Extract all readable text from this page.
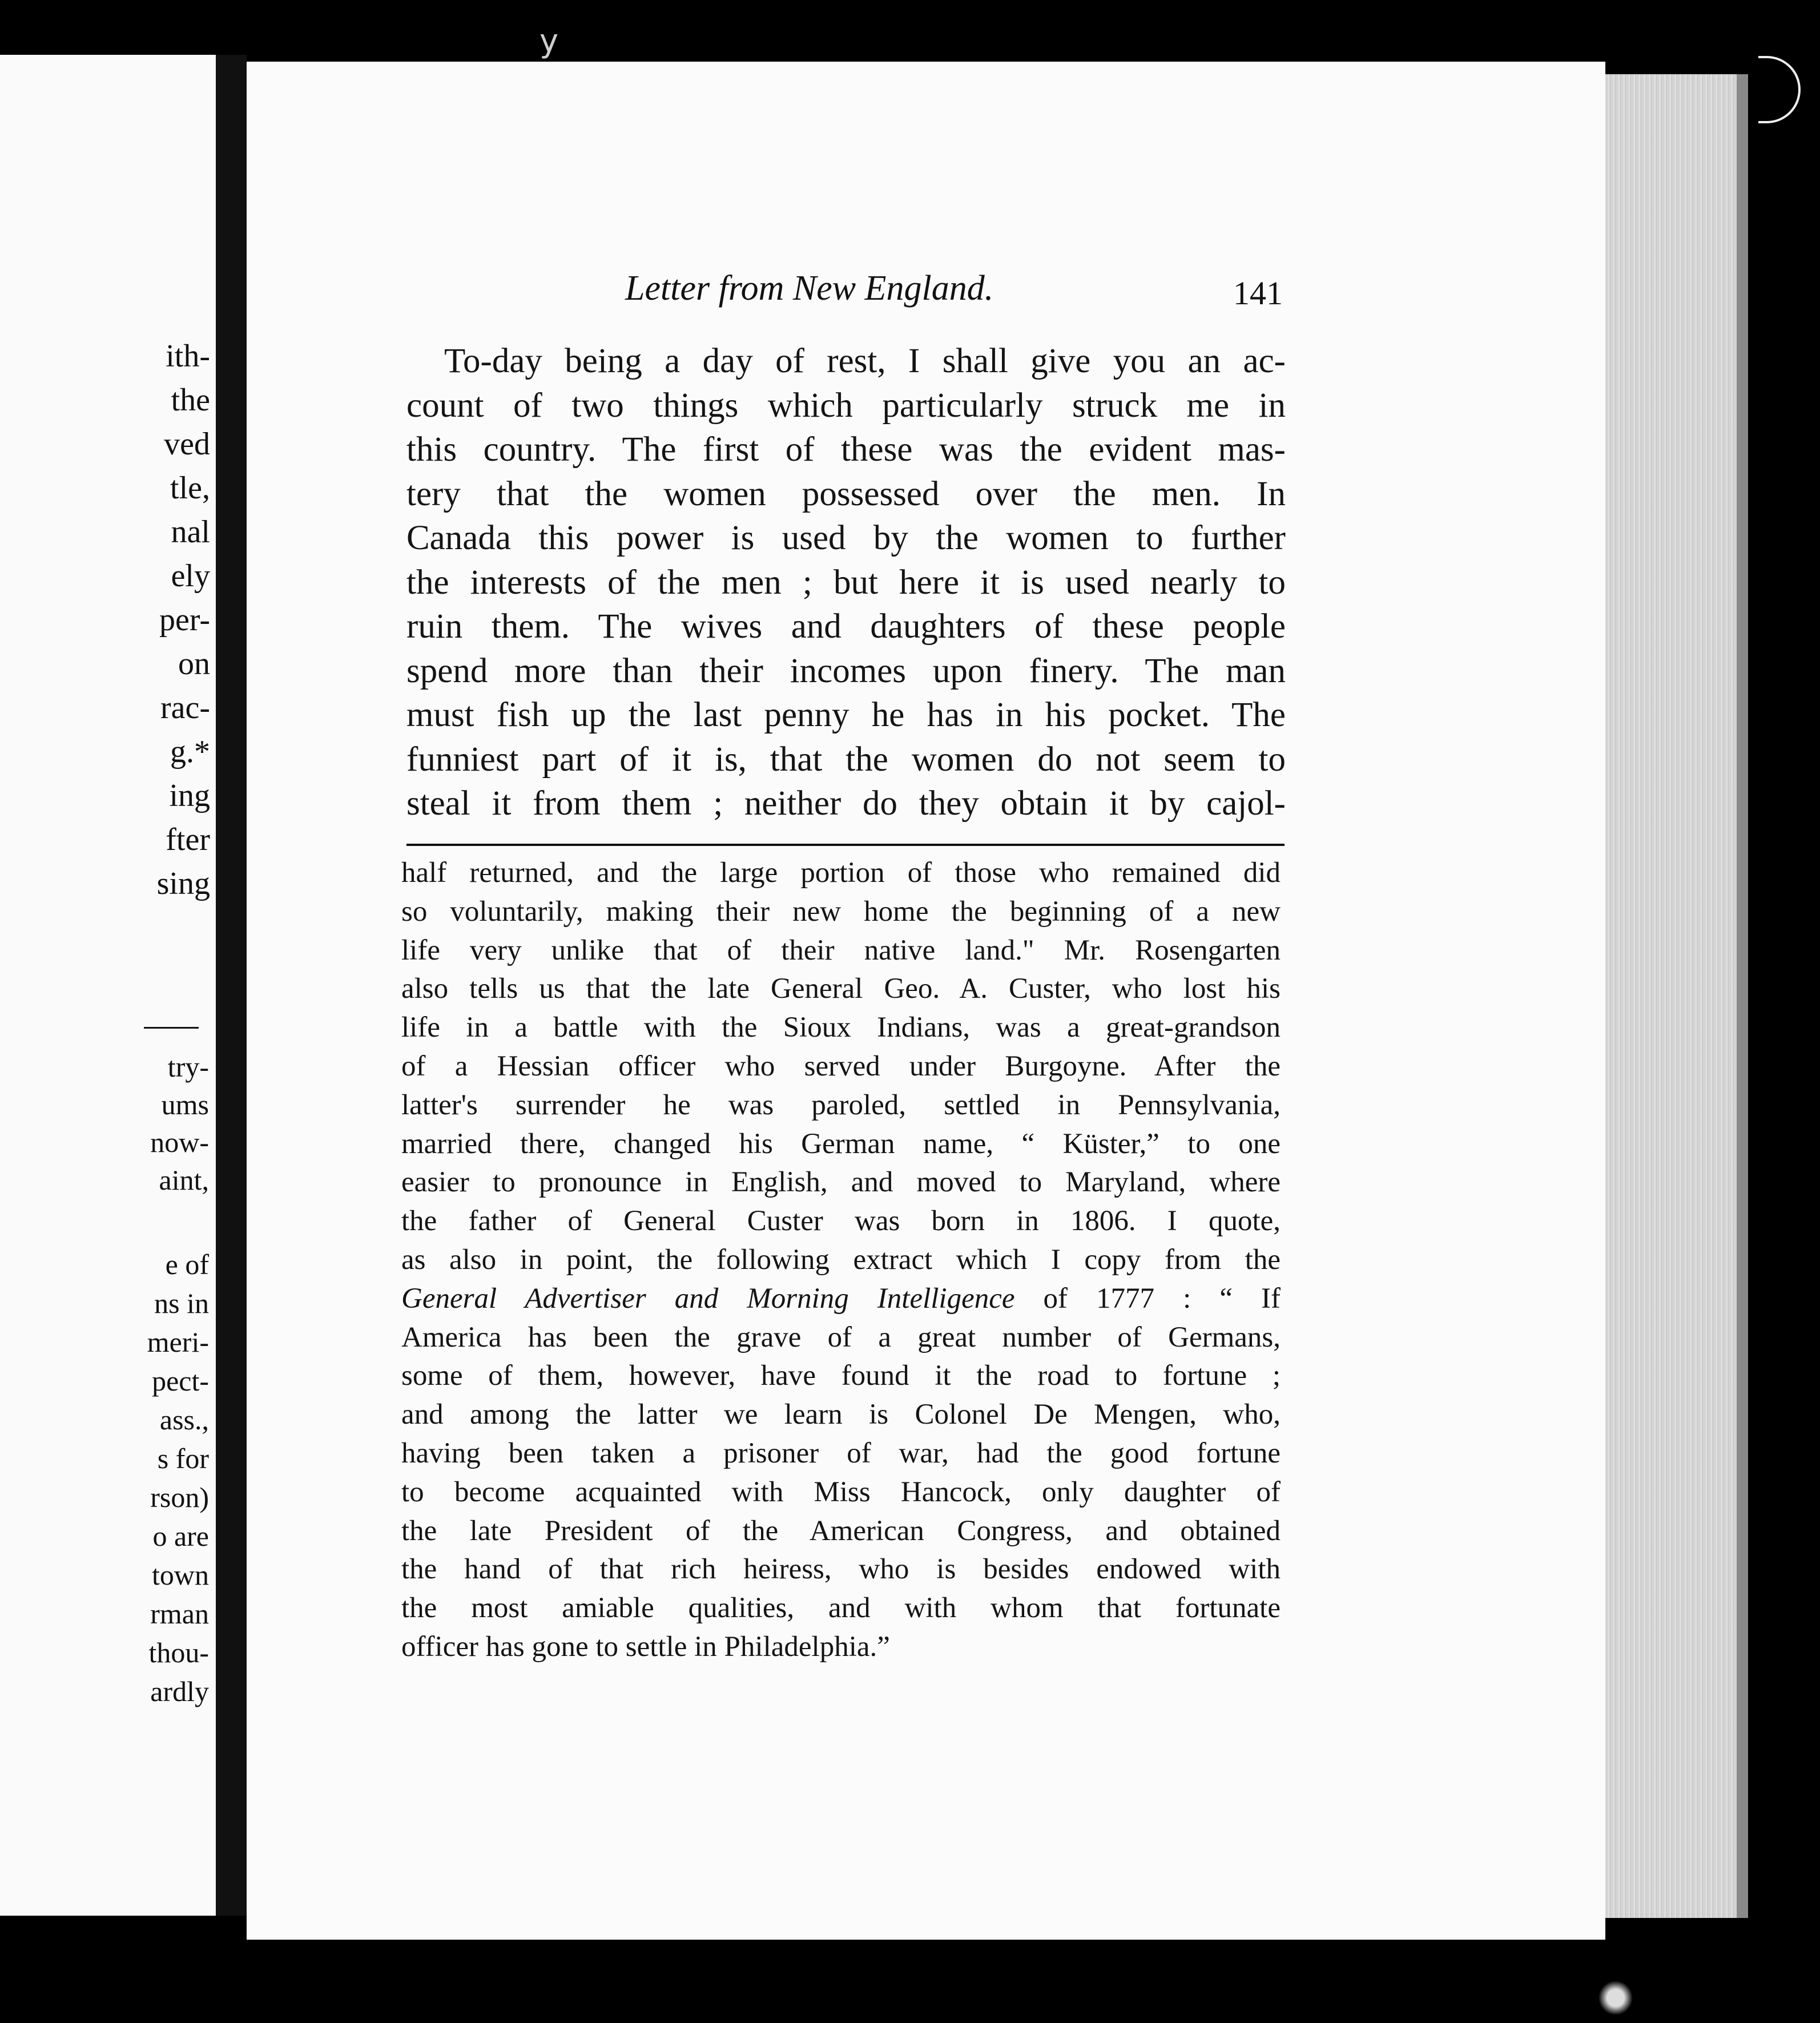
ith-
the
ved
tle,
nal
ely
per-
on
rac-
g.*
ing
fter
sing
try-
ums
now-
aint,
e of
ns in
meri-
pect-
ass.,
s for
rson)
o are
town
rman
thou-
ardly
Letter from New England.	141
To-day being a day of rest, I shall give you an ac-
count of two things which particularly struck me in
this country. The first of these was the evident mas-
tery that the women possessed over the men. In
Canada this power is used by the women to further
the interests of the men ; but here it is used nearly to
ruin them. The wives and daughters of these people
spend more than their incomes upon finery. The man
must fish up the last penny he has in his pocket. The
funniest part of it is, that the women do not seem to
steal it from them ; neither do they obtain it by cajol-
half returned, and the large portion of those who remained did
so voluntarily, making their new home the beginning of a new
life very unlike that of their native land." Mr. Rosengarten
also tells us that the late General Geo. A. Custer, who lost his
life in a battle with the Sioux Indians, was a great-grandson
of a Hessian officer who served under Burgoyne. After the
latter's surrender he was paroled, settled in Pennsylvania,
married there, changed his German name, “ Küster,” to one
easier to pronounce in English, and moved to Maryland, where
the father of General Custer was born in 1806. I quote,
as also in point, the following extract which I copy from the
General Advertiser and Morning Intelligence of 1777 : “ If
America has been the grave of a great number of Germans,
some of them, however, have found it the road to fortune ;
and among the latter we learn is Colonel De Mengen, who,
having been taken a prisoner of war, had the good fortune
to become acquainted with Miss Hancock, only daughter of
the late President of the American Congress, and obtained
the hand of that rich heiress, who is besides endowed with
the most amiable qualities, and with whom that fortunate
officer has gone to settle in Philadelphia.”
y
